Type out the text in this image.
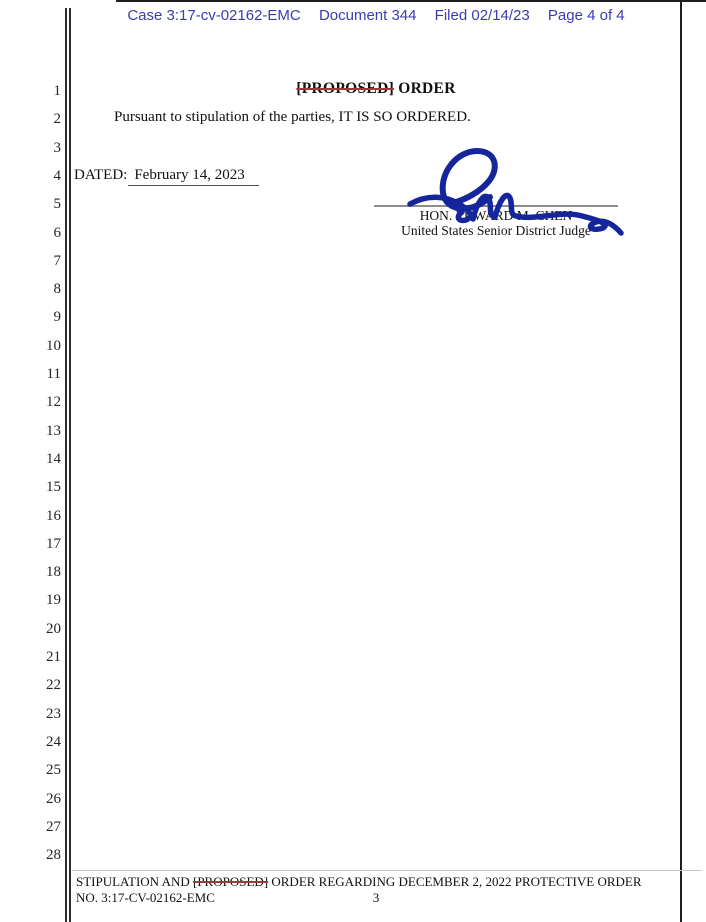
Case 3:17-cv-02162-EMC Document 344 Filed 02/14/23 Page 4 of 4
1
2
3
4
5
6
7
8
9
10
11
12
13
14
15
16
17
18
19
20
21
22
23
24
25
26
27
28
[PROPOSED] ORDER
Pursuant to stipulation of the parties, IT IS SO ORDERED.
DATED: February 14, 2023
HON. EDWARD M. CHEN
United States Senior District Judge
STIPULATION AND [PROPOSED] ORDER REGARDING DECEMBER 2, 2022 PROTECTIVE ORDER
NO. 3:17-CV-02162-EMC	3
